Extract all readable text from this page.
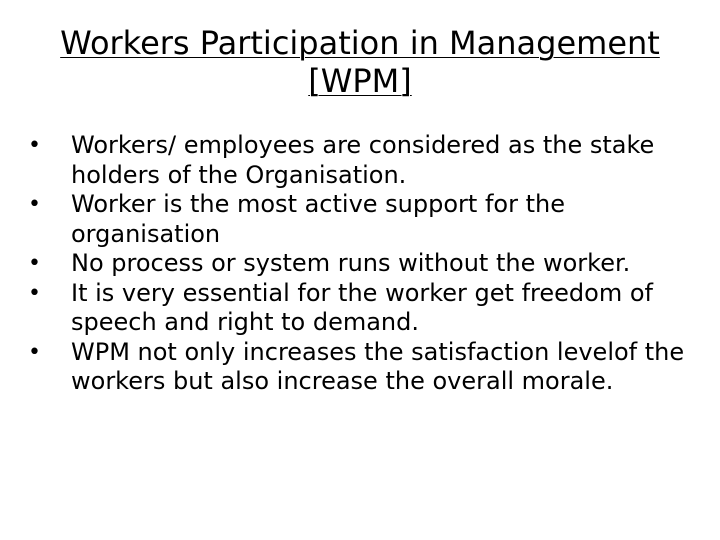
Workers Participation in Management
[WPM]
• Workers/ employees are considered as the stake holders of the Organisation.
• Worker is the most active support for the organisation
• No process or system runs without the worker.
• It is very essential for the worker get freedom of speech and right to demand.
• WPM not only increases the satisfaction levelof the workers but also increase the overall morale.
